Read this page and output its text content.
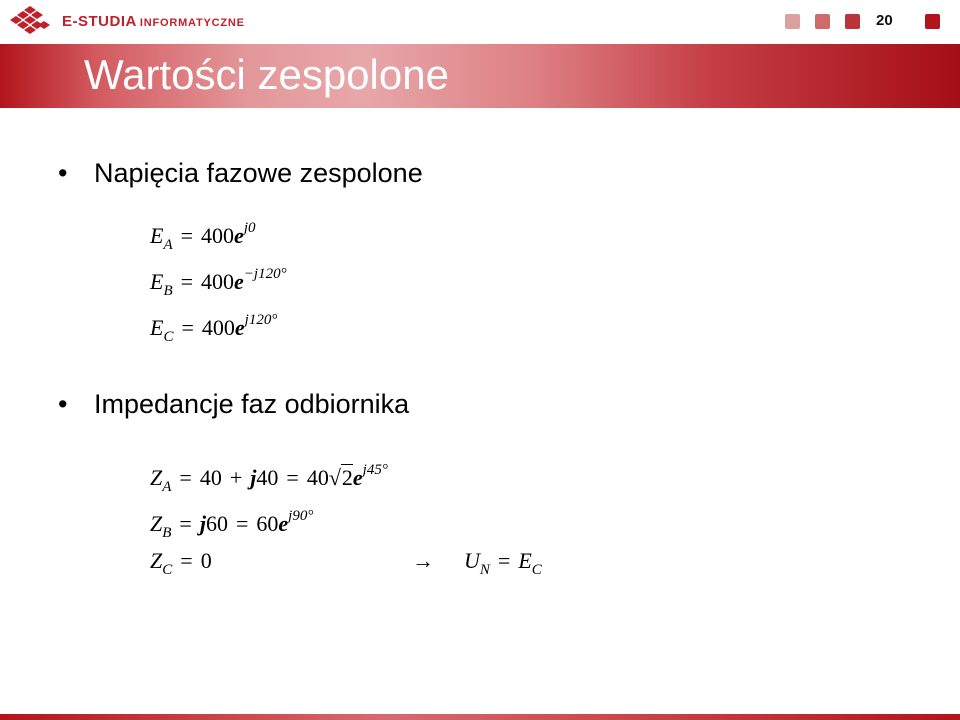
E-STUDIA INFORMATYCZNE	20
Wartości zespolone
• Napięcia fazowe zespolone
$E_A = 400e^{j0}$
$E_B = 400e^{-j120^\circ}$
$E_C = 400e^{j120^\circ}$
• Impedancje faz odbiornika
$Z_A = 40 + j40 = 40√2e^{j45^\circ}$
$Z_B = j60 = 60e^{j90^\circ}$
$Z_C = 0$	→ $U_N = E_C$
